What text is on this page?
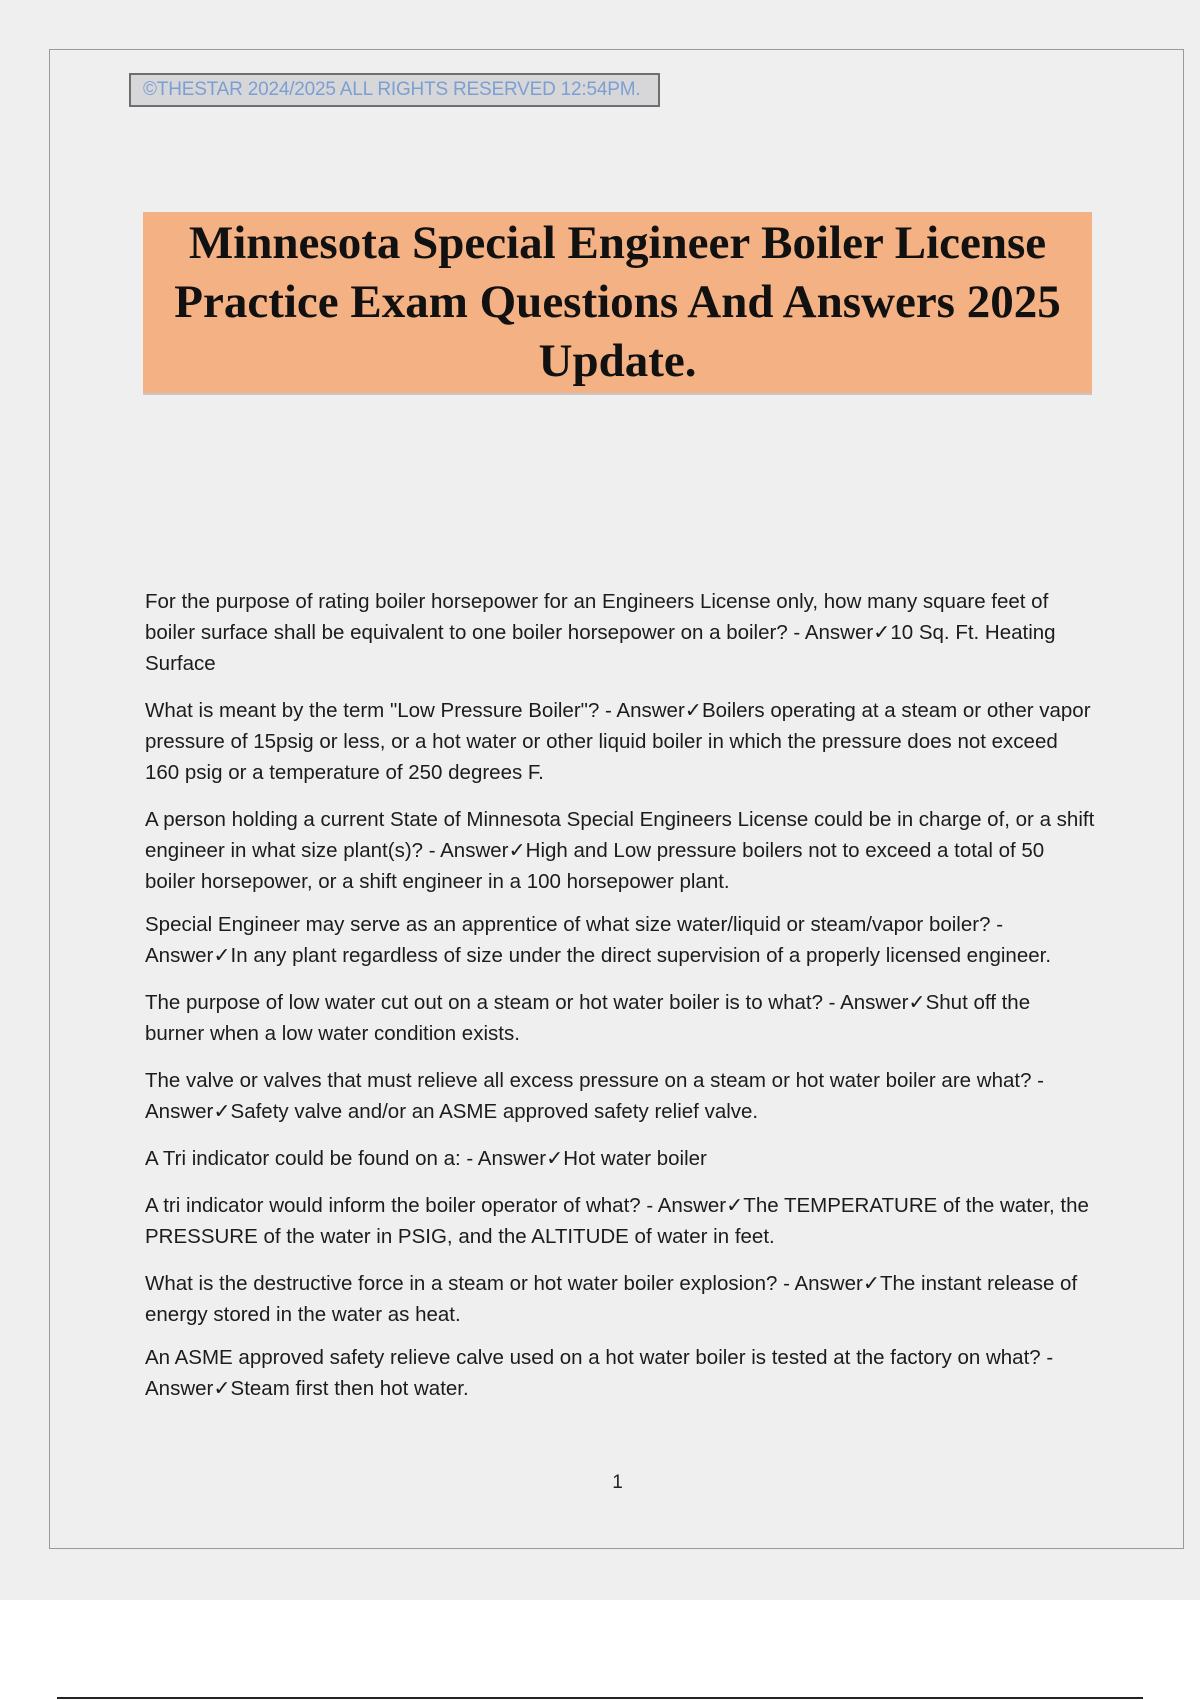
©THESTAR 2024/2025 ALL RIGHTS RESERVED 12:54PM.
Minnesota Special Engineer Boiler License Practice Exam Questions And Answers 2025 Update.

For the purpose of rating boiler horsepower for an Engineers License only, how many square feet of boiler surface shall be equivalent to one boiler horsepower on a boiler? - Answer✓10 Sq. Ft. Heating Surface

What is meant by the term "Low Pressure Boiler"? - Answer✓Boilers operating at a steam or other vapor pressure of 15psig or less, or a hot water or other liquid boiler in which the pressure does not exceed 160 psig or a temperature of 250 degrees F.

A person holding a current State of Minnesota Special Engineers License could be in charge of, or a shift engineer in what size plant(s)? - Answer✓High and Low pressure boilers not to exceed a total of 50 boiler horsepower, or a shift engineer in a 100 horsepower plant.

Special Engineer may serve as an apprentice of what size water/liquid or steam/vapor boiler? - Answer✓In any plant regardless of size under the direct supervision of a properly licensed engineer.

The purpose of low water cut out on a steam or hot water boiler is to what? - Answer✓Shut off the burner when a low water condition exists.

The valve or valves that must relieve all excess pressure on a steam or hot water boiler are what? - Answer✓Safety valve and/or an ASME approved safety relief valve.

A Tri indicator could be found on a: - Answer✓Hot water boiler

A tri indicator would inform the boiler operator of what? - Answer✓The TEMPERATURE of the water, the PRESSURE of the water in PSIG, and the ALTITUDE of water in feet.

What is the destructive force in a steam or hot water boiler explosion? - Answer✓The instant release of energy stored in the water as heat.

An ASME approved safety relieve calve used on a hot water boiler is tested at the factory on what? - Answer✓Steam first then hot water.

1
